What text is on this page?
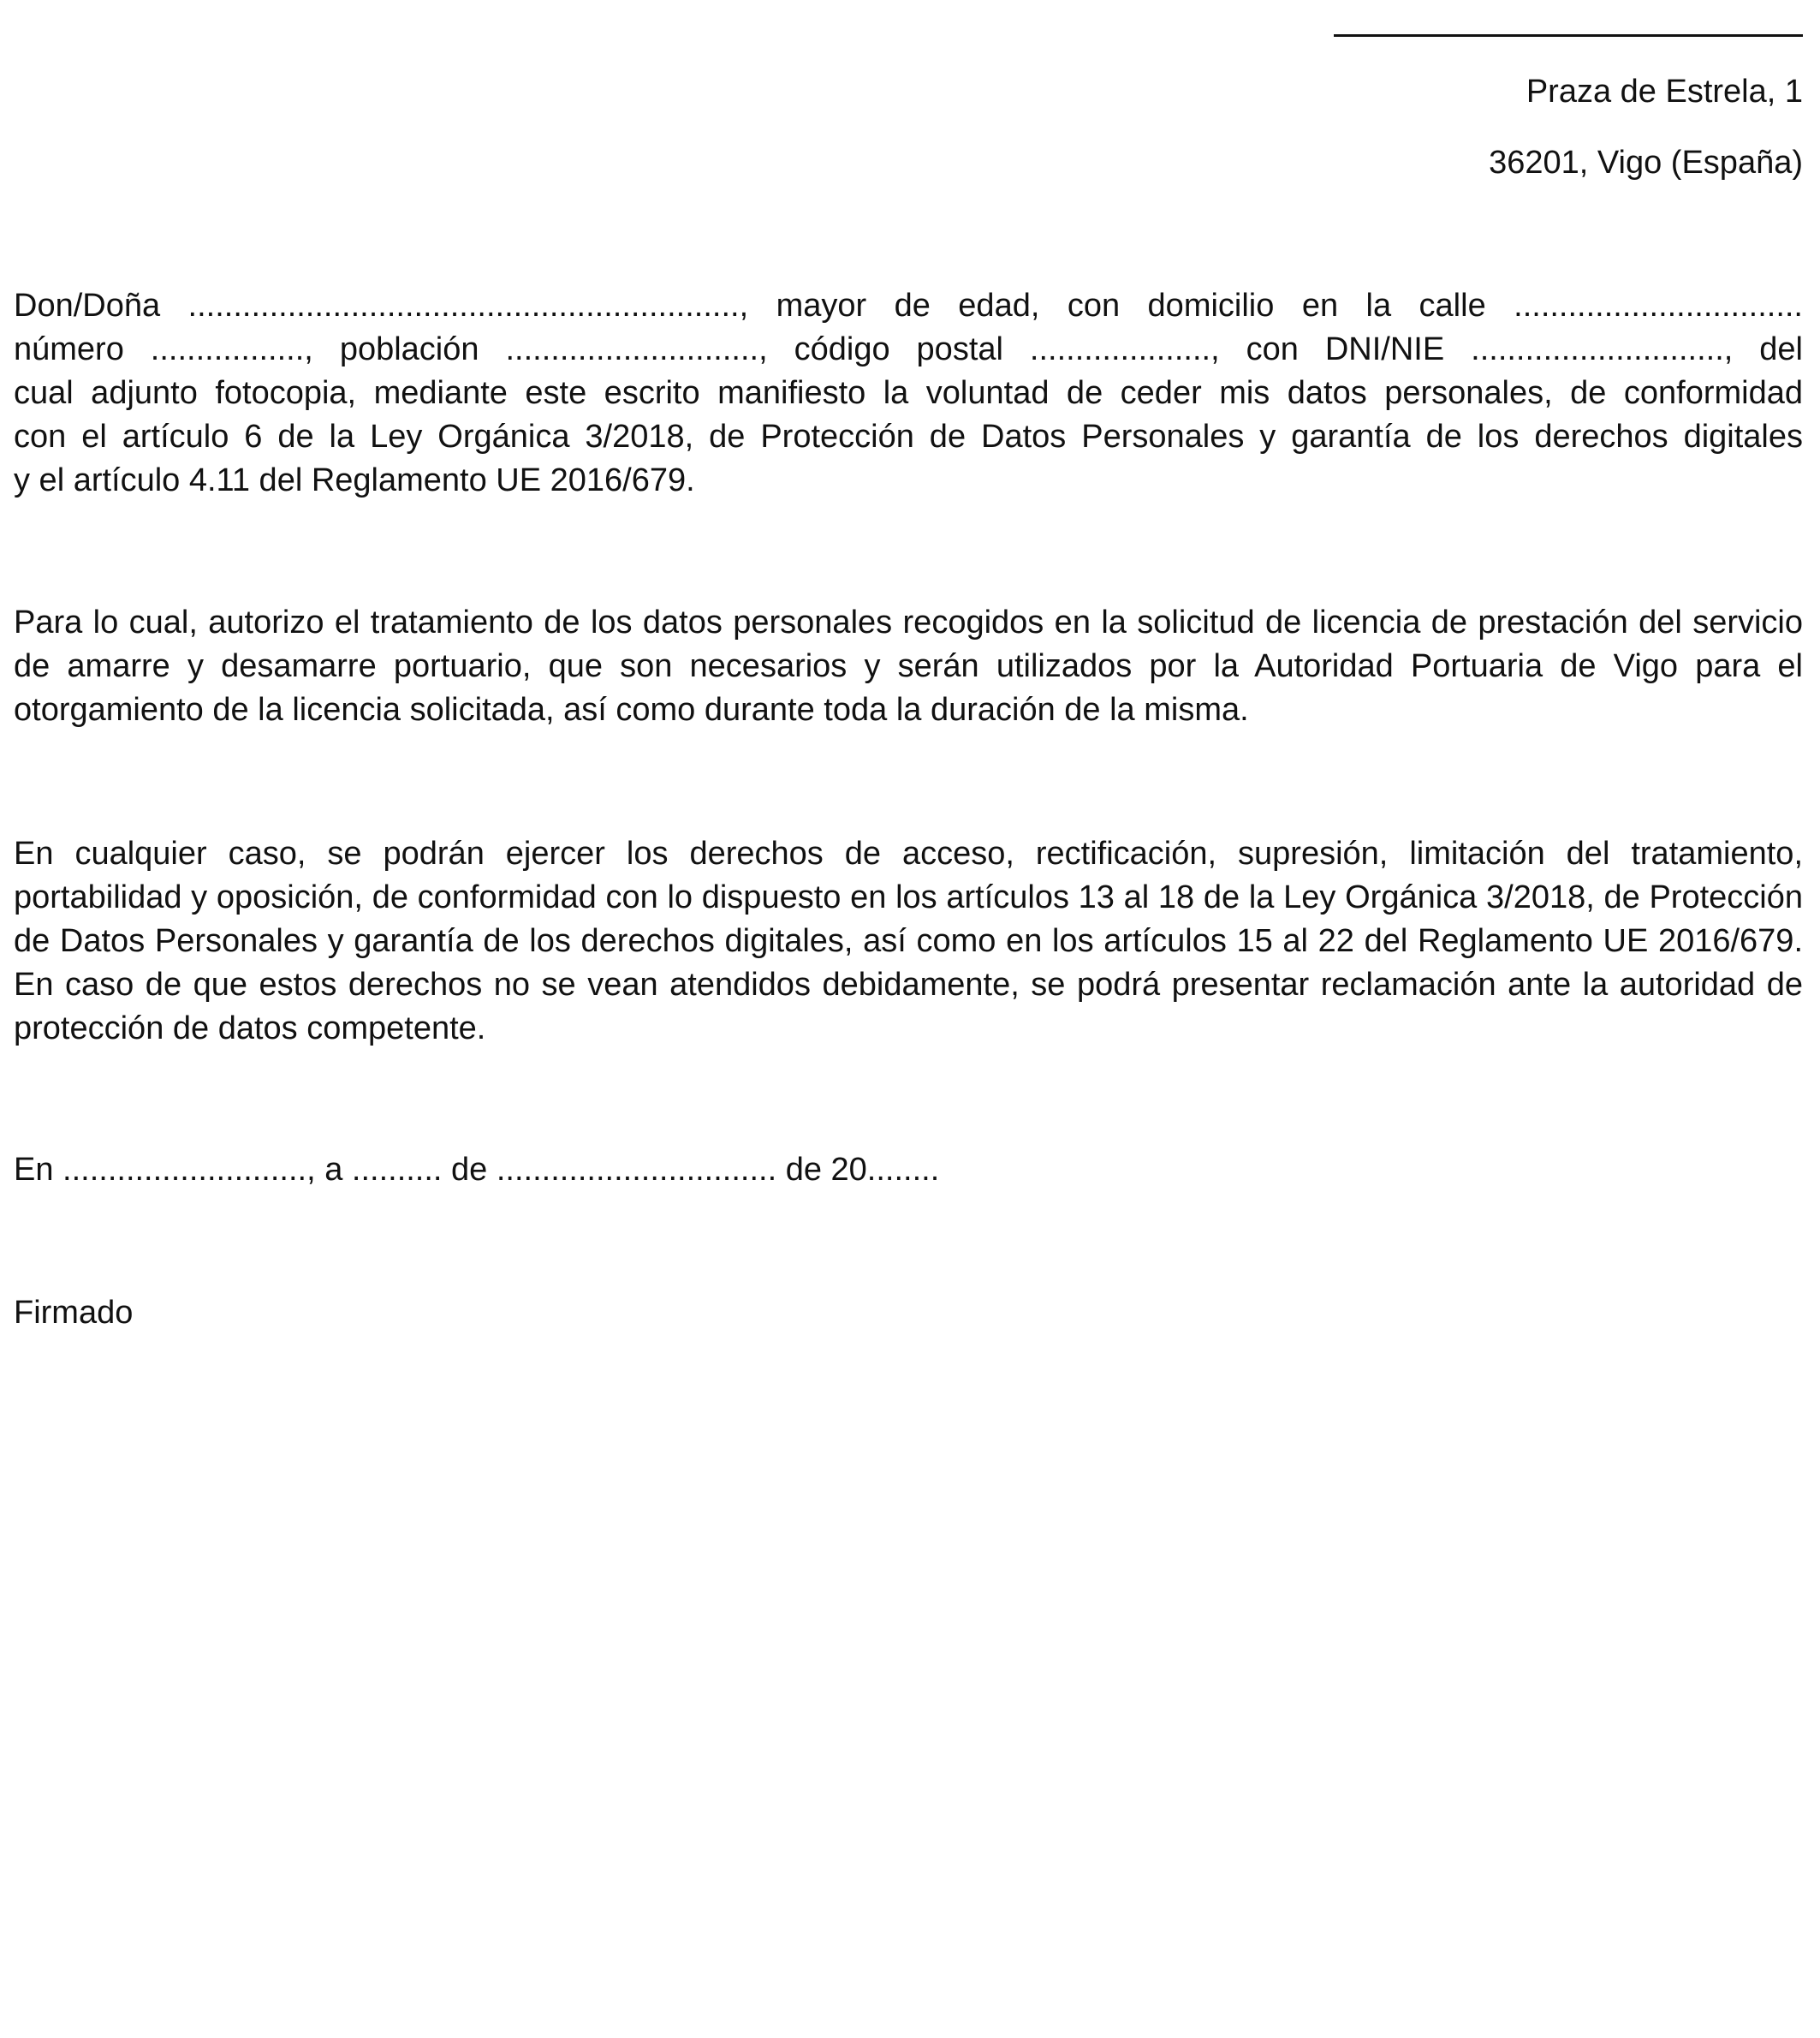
Praza de Estrela, 1
36201, Vigo (España)
Don/Doña ............................................................., mayor de edad, con domicilio en la calle ................................
número ................., población ............................, código postal ...................., con DNI/NIE ............................, del
cual adjunto fotocopia, mediante este escrito manifiesto la voluntad de ceder mis datos personales, de conformidad
con el artículo 6 de la Ley Orgánica 3/2018, de Protección de Datos Personales y garantía de los derechos digitales
y el artículo 4.11 del Reglamento UE 2016/679.

Para lo cual, autorizo el tratamiento de los datos personales recogidos en la solicitud de licencia de prestación del servicio de amarre y desamarre portuario, que son necesarios y serán utilizados por la Autoridad Portuaria de Vigo para el otorgamiento de la licencia solicitada, así como durante toda la duración de la misma.

En cualquier caso, se podrán ejercer los derechos de acceso, rectificación, supresión, limitación del tratamiento, portabilidad y oposición, de conformidad con lo dispuesto en los artículos 13 al 18 de la Ley Orgánica 3/2018, de Protección de Datos Personales y garantía de los derechos digitales, así como en los artículos 15 al 22 del Reglamento UE 2016/679. En caso de que estos derechos no se vean atendidos debidamente, se podrá presentar reclamación ante la autoridad de protección de datos competente.

En ..........................., a .......... de ............................... de 20........
Firmado
